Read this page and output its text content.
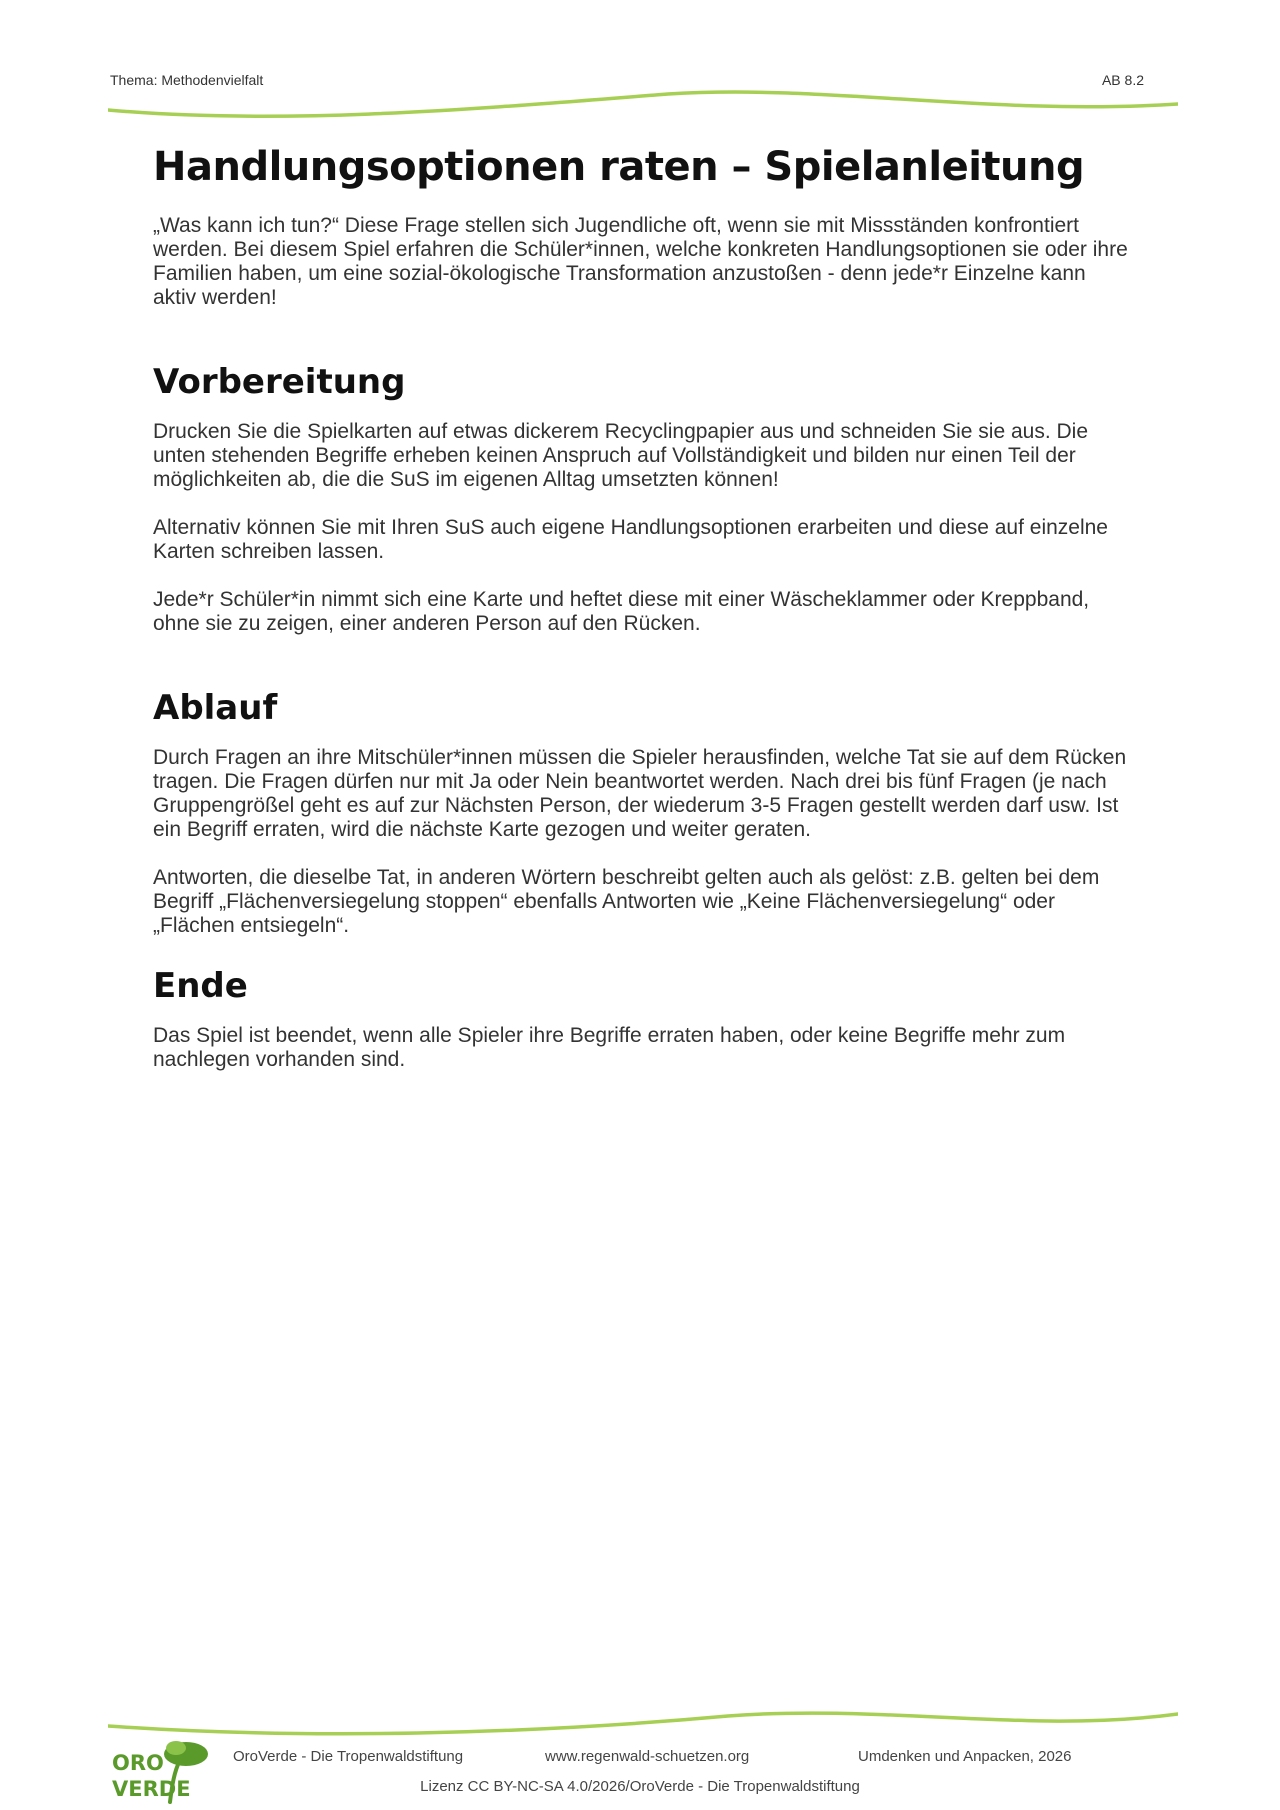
Thema: Methodenvielfalt	AB 8.2
Handlungsoptionen raten – Spielanleitung

„Was kann ich tun?“ Diese Frage stellen sich Jugendliche oft, wenn sie mit Missständen konfrontiert werden. Bei diesem Spiel erfahren die Schüler*innen, welche konkreten Handlungsoptionen sie oder ihre Familien haben, um eine sozial-ökologische Transformation anzustoßen - denn jede*r Einzelne kann aktiv werden!

Vorbereitung

Drucken Sie die Spielkarten auf etwas dickerem Recyclingpapier aus und schneiden Sie sie aus. Die unten stehenden Begriffe erheben keinen Anspruch auf Vollständigkeit und bilden nur einen Teil der möglichkeiten ab, die die SuS im eigenen Alltag umsetzten können!

Alternativ können Sie mit Ihren SuS auch eigene Handlungsoptionen erarbeiten und diese auf einzelne Karten schreiben lassen.

Jede*r Schüler*in nimmt sich eine Karte und heftet diese mit einer Wäscheklammer oder Kreppband, ohne sie zu zeigen, einer anderen Person auf den Rücken.

Ablauf

Durch Fragen an ihre Mitschüler*innen müssen die Spieler herausfinden, welche Tat sie auf dem Rücken tragen. Die Fragen dürfen nur mit Ja oder Nein beantwortet werden. Nach drei bis fünf Fragen (je nach Gruppengrößel geht es auf zur Nächsten Person, der wiederum 3-5 Fragen gestellt werden darf usw. Ist ein Begriff erraten, wird die nächste Karte gezogen und weiter geraten.

Antworten, die dieselbe Tat, in anderen Wörtern beschreibt gelten auch als gelöst: z.B. gelten bei dem Begriff „Flächenversiegelung stoppen“ ebenfalls Antworten wie „Keine Flächenversiegelung“ oder „Flächen entsiegeln“.

Ende

Das Spiel ist beendet, wenn alle Spieler ihre Begriffe erraten haben, oder keine Begriffe mehr zum nachlegen vorhanden sind.

ORO
VERDE
OroVerde - Die Tropenwaldstiftung	www.regenwald-schuetzen.org	Umdenken und Anpacken, 2026
Lizenz CC BY-NC-SA 4.0/2026/OroVerde - Die Tropenwaldstiftung
